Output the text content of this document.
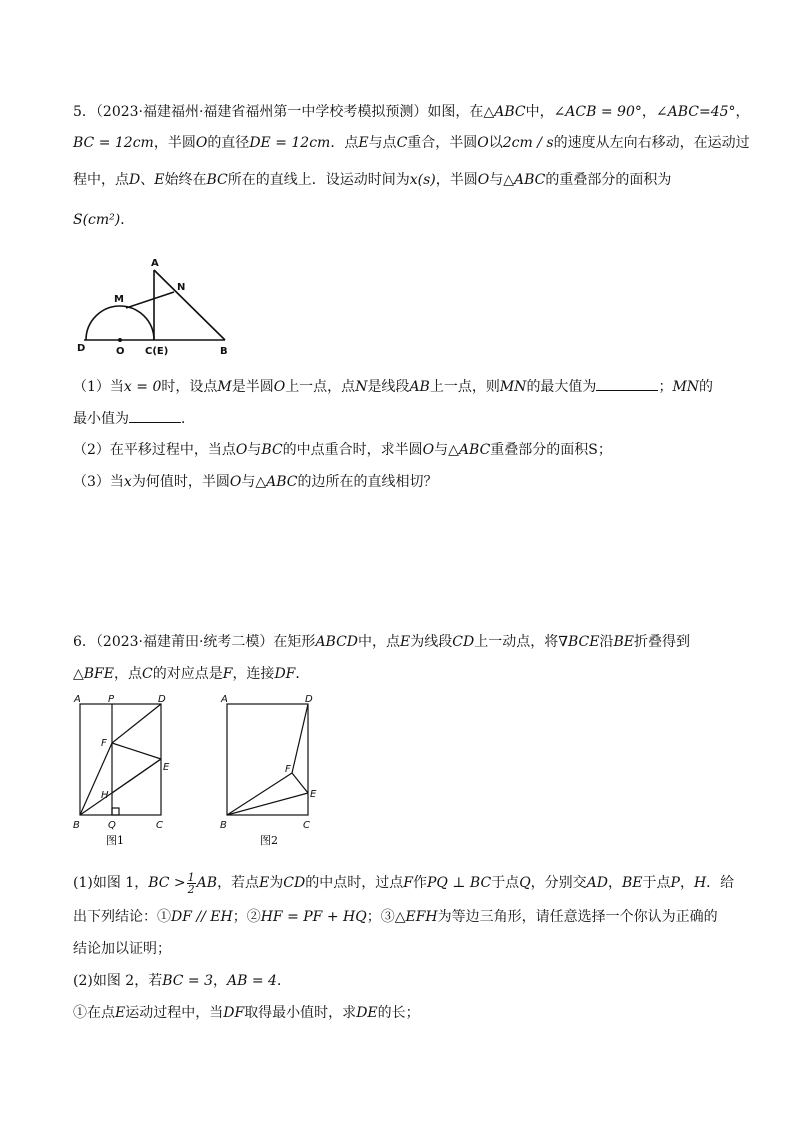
5．（2023·福建福州·福建省福州第一中学校考模拟预测）如图，在△ABC中，∠ACB = 90°，∠ABC=45°，
BC = 12cm，半圆O的直径DE = 12cm．点E与点C重合，半圆O以2cm / s的速度从左向右移动，在运动过
程中，点D、E始终在BC所在的直线上．设运动时间为x(s)，半圆O与△ABC的重叠部分的面积为
S(cm²)．
A
N
M
D	O C(E)	B
（1）当x = 0时，设点M是半圆O上一点，点N是线段AB上一点，则MN的最大值为	；MN的
最小值为	．
（2）在平移过程中，当点O与BC的中点重合时，求半圆O与△ABC重叠部分的面积S；
（3）当x为何值时，半圆O与△ABC的边所在的直线相切？
6．（2023·福建莆田·统考二模）在矩形ABCD中，点E为线段CD上一动点，将∇BCE沿BE折叠得到
△BFE，点C的对应点是F，连接DF．
A	P	D
F
E
H
B	Q	C
图1
A	D
F
E
B	C
图2
(1)如图 1，BC > $\frac{1}{2}$ AB，若点E为CD的中点时，过点F作PQ ⊥ BC于点Q，分别交AD，BE于点P，H．给
出下列结论：①DF // EH；②HF = PF + HQ；③△EFH为等边三角形，请任意选择一个你认为正确的
结论加以证明；
(2)如图 2，若BC = 3，AB = 4．
①在点E运动过程中，当DF取得最小值时，求DE的长；
